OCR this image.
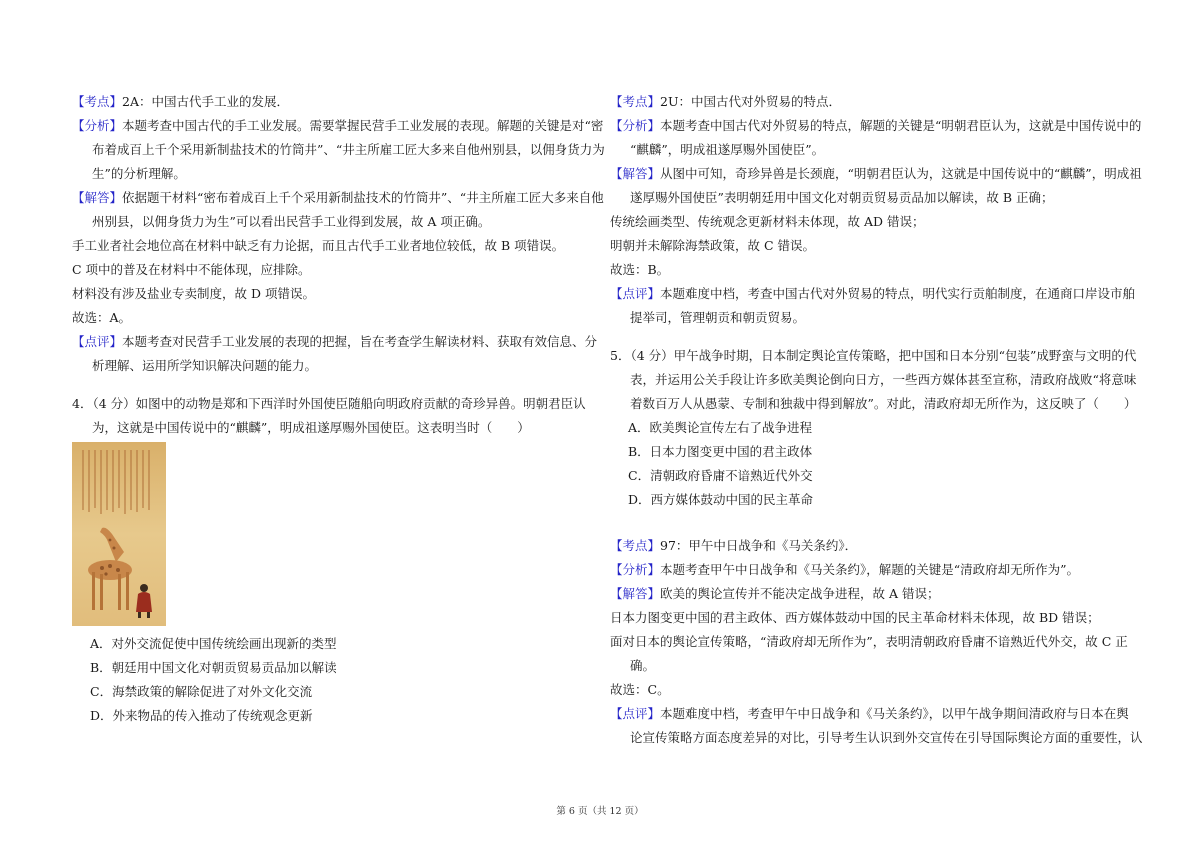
【考点】2A：中国古代手工业的发展．
【分析】本题考查中国古代的手工业发展。需要掌握民营手工业发展的表现。解题的关键是对“密
布着成百上千个采用新制盐技术的竹筒井”、“井主所雇工匠大多来自他州别县，以佣身货力为
生”的分析理解。
【解答】依据题干材料“密布着成百上千个采用新制盐技术的竹筒井”、“井主所雇工匠大多来自他
州别县，以佣身货力为生”可以看出民营手工业得到发展，故 A 项正确。
手工业者社会地位高在材料中缺乏有力论据，而且古代手工业者地位较低，故 B 项错误。
C 项中的普及在材料中不能体现，应排除。
材料没有涉及盐业专卖制度，故 D 项错误。
故选：A。
【点评】本题考查对民营手工业发展的表现的把握，旨在考查学生解读材料、获取有效信息、分
析理解、运用所学知识解决问题的能力。
4．（4 分）如图中的动物是郑和下西洋时外国使臣随船向明政府贡献的奇珍异兽。明朝君臣认
为，这就是中国传说中的“麒麟”，明成祖遂厚赐外国使臣。这表明当时（　　）
A．对外交流促使中国传统绘画出现新的类型
B．朝廷用中国文化对朝贡贸易贡品加以解读
C．海禁政策的解除促进了对外文化交流
D．外来物品的传入推动了传统观念更新
【考点】2U：中国古代对外贸易的特点．
【分析】本题考查中国古代对外贸易的特点，解题的关键是“明朝君臣认为，这就是中国传说中的
“麒麟”，明成祖遂厚赐外国使臣”。
【解答】从图中可知，奇珍异兽是长颈鹿，“明朝君臣认为，这就是中国传说中的“麒麟”，明成祖
遂厚赐外国使臣”表明朝廷用中国文化对朝贡贸易贡品加以解读，故 B 正确；
传统绘画类型、传统观念更新材料未体现，故 AD 错误；
明朝并未解除海禁政策，故 C 错误。
故选：B。
【点评】本题难度中档，考查中国古代对外贸易的特点，明代实行贡舶制度，在通商口岸设市舶
提举司，管理朝贡和朝贡贸易。
5．（4 分）甲午战争时期，日本制定舆论宣传策略，把中国和日本分别“包装”成野蛮与文明的代
表，并运用公关手段让许多欧美舆论倒向日方，一些西方媒体甚至宣称，清政府战败“将意味
着数百万人从愚蒙、专制和独裁中得到解放”。对此，清政府却无所作为，这反映了（　　）
A．欧美舆论宣传左右了战争进程
B．日本力图变更中国的君主政体
C．清朝政府昏庸不谙熟近代外交
D．西方媒体鼓动中国的民主革命
【考点】97：甲午中日战争和《马关条约》．
【分析】本题考查甲午中日战争和《马关条约》，解题的关键是“清政府却无所作为”。
【解答】欧美的舆论宣传并不能决定战争进程，故 A 错误；
日本力图变更中国的君主政体、西方媒体鼓动中国的民主革命材料未体现，故 BD 错误；
面对日本的舆论宣传策略，“清政府却无所作为”，表明清朝政府昏庸不谙熟近代外交，故 C 正
确。
故选：C。
【点评】本题难度中档，考查甲午中日战争和《马关条约》，以甲午战争期间清政府与日本在舆
论宣传策略方面态度差异的对比，引导考生认识到外交宣传在引导国际舆论方面的重要性，认
第 6 页（共 12 页）
